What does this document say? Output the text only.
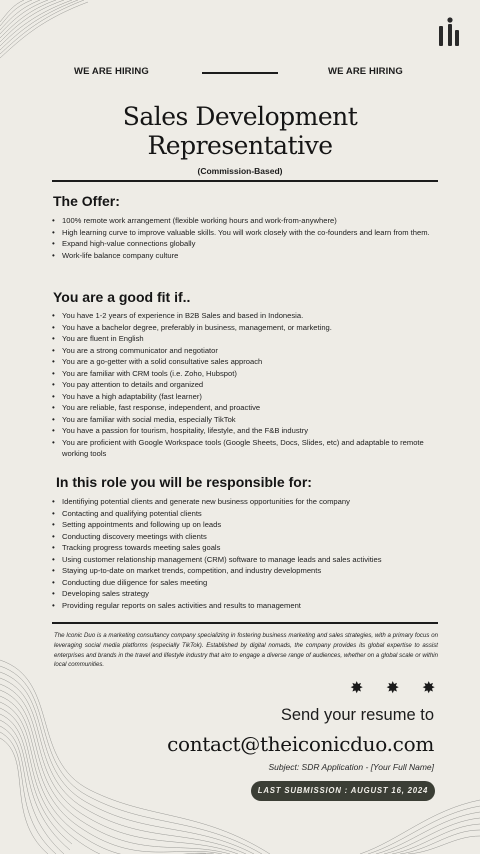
WE ARE HIRING	WE ARE HIRING
Sales Development
Representative
(Commission-Based)
The Offer:
• 100% remote work arrangement (flexible working hours and work-from-anywhere)
• High learning curve to improve valuable skills. You will work closely with the co-founders and learn from them.
• Expand high-value connections globally
• Work-life balance company culture
You are a good fit if..
• You have 1-2 years of experience in B2B Sales and based in Indonesia.
• You have a bachelor degree, preferably in business, management, or marketing.
• You are fluent in English
• You are a strong communicator and negotiator
• You are a go-getter with a solid consultative sales approach
• You are familiar with CRM tools (i.e. Zoho, Hubspot)
• You pay attention to details and organized
• You have a high adaptability (fast learner)
• You are reliable, fast response, independent, and proactive
• You are familiar with social media, especially TikTok
• You have a passion for tourism, hospitality, lifestyle, and the F&B industry
• You are proficient with Google Workspace tools (Google Sheets, Docs, Slides, etc) and adaptable to remote working tools
In this role you will be responsible for:
• Identifiying potential clients and generate new business opportunities for the company
• Contacting and qualifying potential clients
• Setting appointments and following up on leads
• Conducting discovery meetings with clients
• Tracking progress towards meeting sales goals
• Using customer relationship management (CRM) software to manage leads and sales activities
• Staying up-to-date on market trends, competition, and industry developments
• Conducting due diligence for sales meeting
• Developing sales strategy
• Providing regular reports on sales activities and results to management
The Iconic Duo is a marketing consultancy company specializing in fostering business marketing and sales strategies, with a primary focus on leveraging social media platforms (especially TikTok). Established by digital nomads, the company provides its global expertise to assist enterprises and brands in the travel and lifestyle industry that aim to engage a diverse range of audiences, whether on a global scale or within local communities.
✸ ✸ ✸
Send your resume to
contact@theiconicduo.com
Subject: SDR Application - [Your Full Name]
LAST SUBMISSION : AUGUST 16, 2024
